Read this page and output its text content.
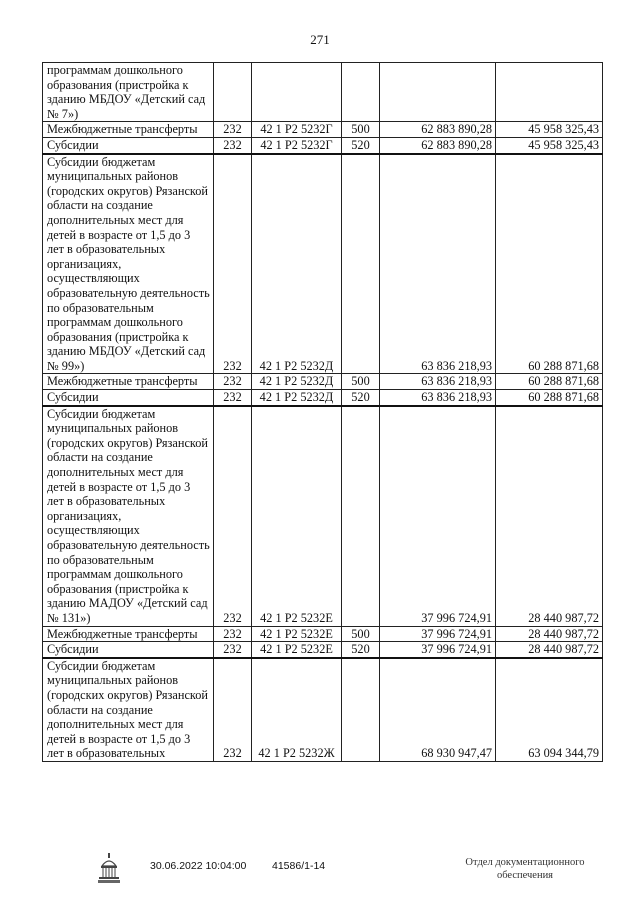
271
программам дошкольного образования (пристройка к зданию МБДОУ «Детский сад № 7»)					
Межбюджетные трансферты	232	42 1 P2 5232Г	500	62 883 890,28	45 958 325,43
Субсидии	232	42 1 P2 5232Г	520	62 883 890,28	45 958 325,43
Субсидии бюджетам муниципальных районов (городских округов) Рязанской области на создание дополнительных мест для детей в возрасте от 1,5 до 3 лет в образовательных организациях, осуществляющих образовательную деятельность по образовательным программам дошкольного образования (пристройка к зданию МБДОУ «Детский сад № 99»)	232	42 1 P2 5232Д		63 836 218,93	60 288 871,68
Межбюджетные трансферты	232	42 1 P2 5232Д	500	63 836 218,93	60 288 871,68
Субсидии	232	42 1 P2 5232Д	520	63 836 218,93	60 288 871,68
Субсидии бюджетам муниципальных районов (городских округов) Рязанской области на создание дополнительных мест для детей в возрасте от 1,5 до 3 лет в образовательных организациях, осуществляющих образовательную деятельность по образовательным программам дошкольного образования (пристройка к зданию МАДОУ «Детский сад № 131»)	232	42 1 P2 5232Е		37 996 724,91	28 440 987,72
Межбюджетные трансферты	232	42 1 P2 5232Е	500	37 996 724,91	28 440 987,72
Субсидии	232	42 1 P2 5232Е	520	37 996 724,91	28 440 987,72
Субсидии бюджетам муниципальных районов (городских округов) Рязанской области на создание дополнительных мест для детей в возрасте от 1,5 до 3 лет в образовательных	232	42 1 P2 5232Ж		68 930 947,47	63 094 344,79
30.06.2022 10:04:00 41586/1-14	Отдел документационного обеспечения
